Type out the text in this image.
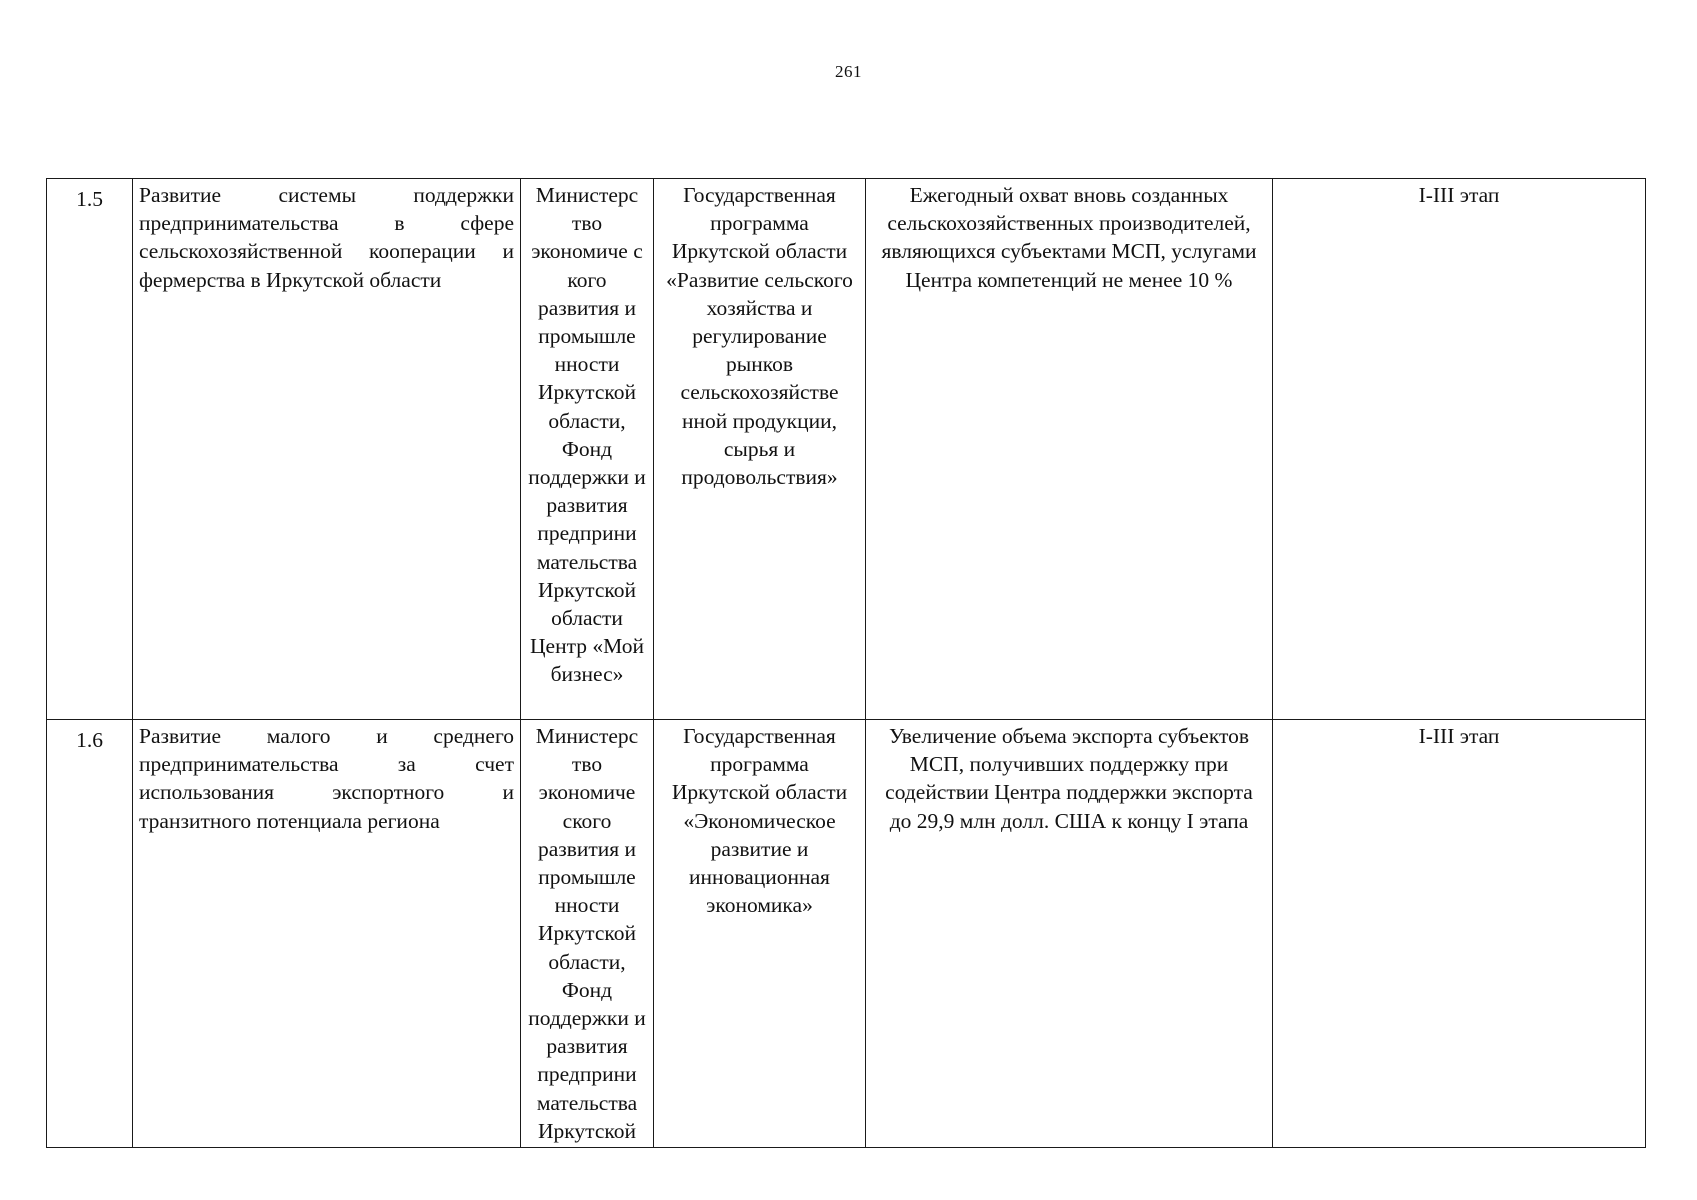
261
1.5	Развитие системы поддержки предпринимательства в сфере сельскохозяйственной кооперации и фермерства в Иркутской области	Министерс тво экономиче с кого развития и промышле нности Иркутской области, Фонд поддержки и развития предприни мательства Иркутской области Центр «Мой бизнес»	Государственная программа Иркутской области «Развитие сельского хозяйства и регулирование рынков сельскохозяйстве нной продукции, сырья и продовольствия»	Ежегодный охват вновь созданных сельскохозяйственных производителей, являющихся субъектами МСП, услугами Центра компетенций не менее 10 %	I-III этап
1.6	Развитие малого и среднего предпринимательства за счет использования экспортного и транзитного потенциала региона	Министерс тво экономиче ского развития и промышле нности Иркутской области, Фонд поддержки и развития предприни мательства Иркутской	Государственная программа Иркутской области «Экономическое развитие и инновационная экономика»	Увеличение объема экспорта субъектов МСП, получивших поддержку при содействии Центра поддержки экспорта до 29,9 млн долл. США к концу I этапа	I-III этап
